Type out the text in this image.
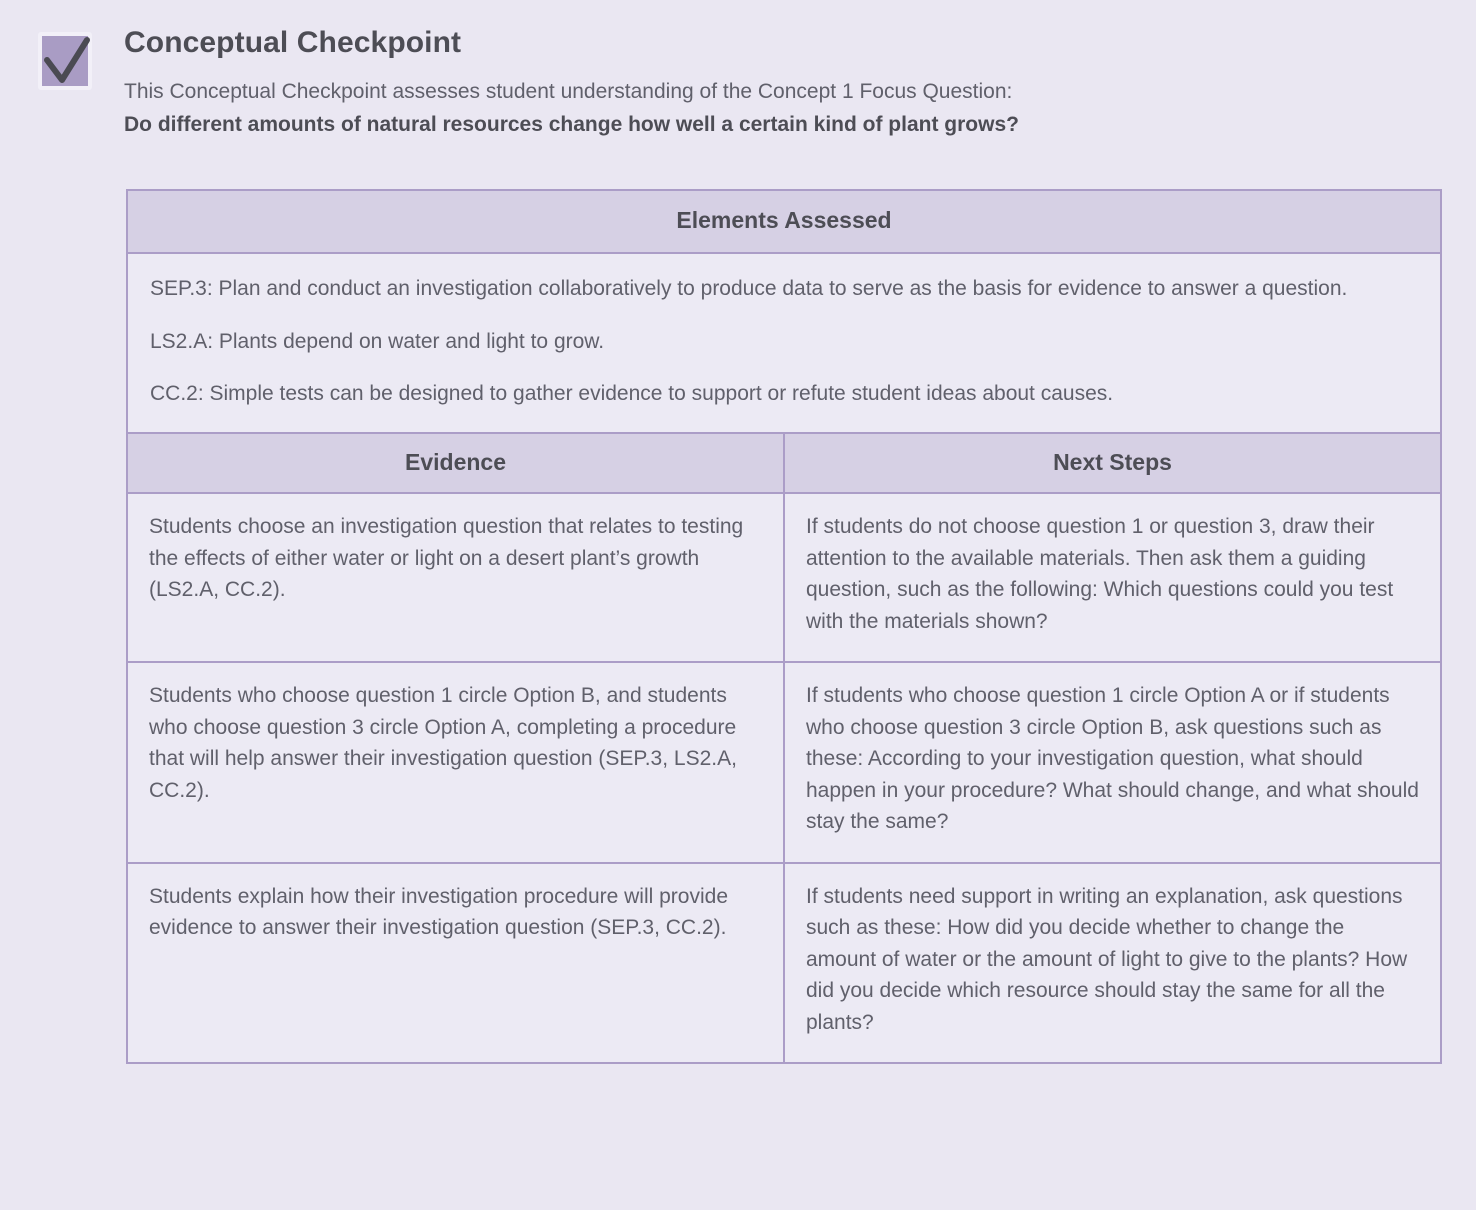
Conceptual Checkpoint

This Conceptual Checkpoint assesses student understanding of the Concept 1 Focus Question:

Do different amounts of natural resources change how well a certain kind of plant grows?

Elements Assessed	

SEP.3: Plan and conduct an investigation collaboratively to produce data to serve as the basis for evidence to answer a question.

LS2.A: Plants depend on water and light to grow.

CC.2: Simple tests can be designed to gather evidence to support or refute student ideas about causes.	

Evidence	Next Steps

Students choose an investigation question that relates to testing the effects of either water or light on a desert plant’s growth (LS2.A, CC.2).	If students do not choose question 1 or question 3, draw their attention to the available materials. Then ask them a guiding question, such as the following: Which questions could you test with the materials shown?

Students who choose question 1 circle Option B, and students who choose question 3 circle Option A, completing a procedure that will help answer their investigation question (SEP.3, LS2.A, CC.2).	If students who choose question 1 circle Option A or if students who choose question 3 circle Option B, ask questions such as these: According to your investigation question, what should happen in your procedure? What should change, and what should stay the same?

Students explain how their investigation procedure will provide evidence to answer their investigation question (SEP.3, CC.2).	If students need support in writing an explanation, ask questions such as these: How did you decide whether to change the amount of water or the amount of light to give to the plants? How did you decide which resource should stay the same for all the plants?
